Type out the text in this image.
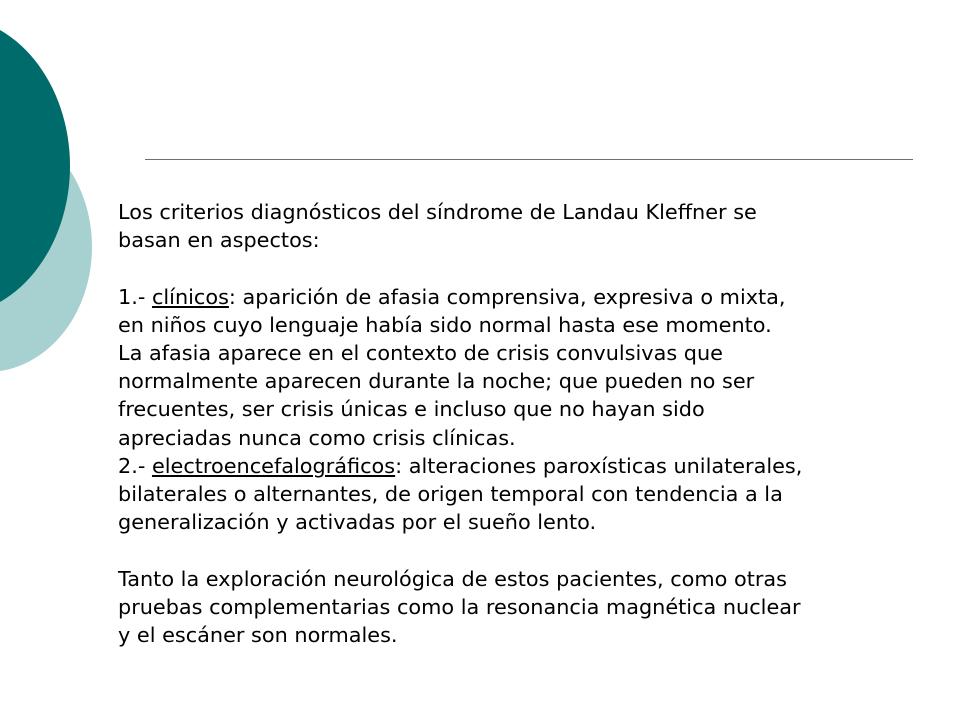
Los criterios diagnósticos del síndrome de Landau Kleffner se
basan en aspectos:
1.- clínicos: aparición de afasia comprensiva, expresiva o mixta,
en niños cuyo lenguaje había sido normal hasta ese momento.
La afasia aparece en el contexto de crisis convulsivas que
normalmente aparecen durante la noche; que pueden no ser
frecuentes, ser crisis únicas e incluso que no hayan sido
apreciadas nunca como crisis clínicas.
2.- electroencefalográficos: alteraciones paroxísticas unilaterales,
bilaterales o alternantes, de origen temporal con tendencia a la
generalización y activadas por el sueño lento.
Tanto la exploración neurológica de estos pacientes, como otras
pruebas complementarias como la resonancia magnética nuclear
y el escáner son normales.
